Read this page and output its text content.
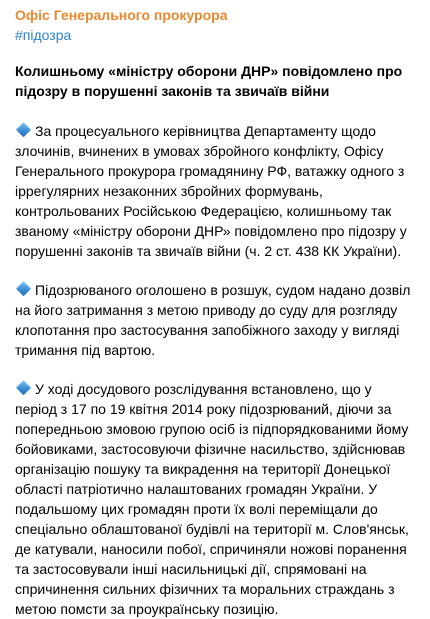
Офіс Генерального прокурора
#підозра
Колишньому «міністру оборони ДНР» повідомлено про підозру в порушенні законів та звичаїв війни
За процесуального керівництва Департаменту щодо злочинів, вчинених в умовах збройного конфлікту, Офісу Генерального прокурора громадянину РФ, ватажку одного з іррегулярних незаконних збройних формувань, контрольованих Російською Федерацією, колишньому так званому «міністру оборони ДНР» повідомлено про підозру у порушенні законів та звичаїв війни (ч. 2 ст. 438 КК України).
Підозрюваного оголошено в розшук, судом надано дозвіл на його затримання з метою приводу до суду для розгляду клопотання про застосування запобіжного заходу у вигляді тримання під вартою.
У ході досудового розслідування встановлено, що у період з 17 по 19 квітня 2014 року підозрюваний, діючи за попередньою змовою групою осіб із підпорядкованими йому бойовиками, застосовуючи фізичне насильство, здійснював організацію пошуку та викрадення на території Донецької області патріотично налаштованих громадян України. У подальшому цих громадян проти їх волі переміщали до спеціально облаштованої будівлі на території м. Слов'янськ, де катували, наносили побої, спричиняли ножові поранення та застосовували інші насильницькі дії, спрямовані на спричинення сильних фізичних та моральних страждань з метою помсти за проукраїнську позицію.
